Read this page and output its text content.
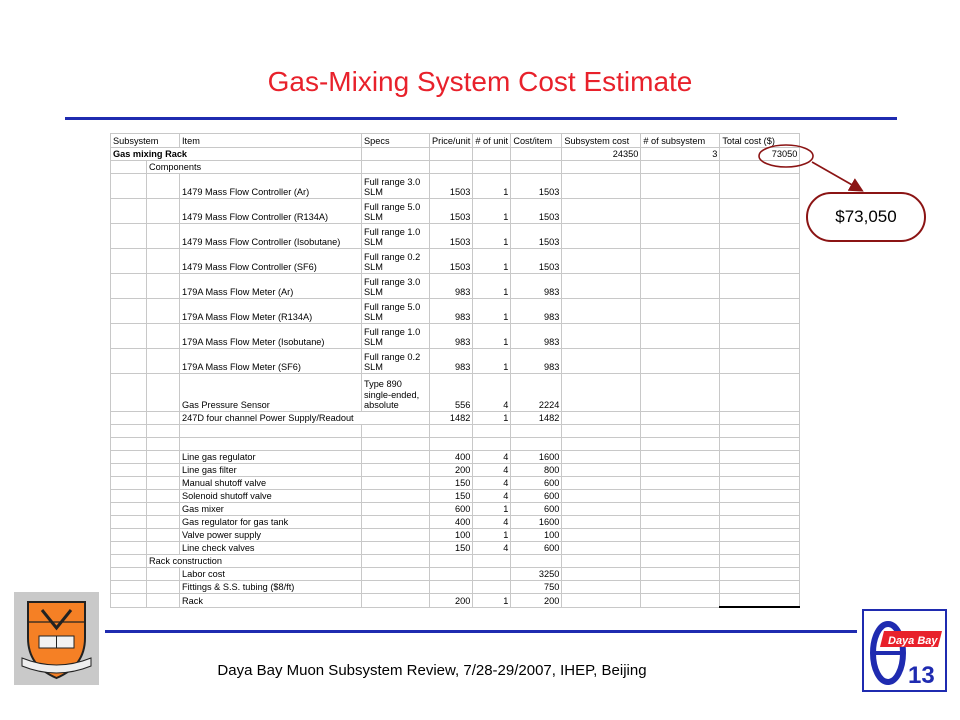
Gas-Mixing System Cost Estimate
Subsystem		Item	Specs	Price/unit	# of unit	Cost/item	Subsystem cost	# of subsystem	Total cost ($)
Gas mixing Rack							24350	3	73050
	Components								
		1479 Mass Flow Controller (Ar)	Full range 3.0 SLM	1503	1	1503			
		1479 Mass Flow Controller (R134A)	Full range 5.0 SLM	1503	1	1503			
		1479 Mass Flow Controller (Isobutane)	Full range 1.0 SLM	1503	1	1503			
		1479 Mass Flow Controller (SF6)	Full range 0.2 SLM	1503	1	1503			
		179A Mass Flow Meter (Ar)	Full range 3.0 SLM	983	1	983			
		179A Mass Flow Meter (R134A)	Full range 5.0 SLM	983	1	983			
		179A Mass Flow Meter (Isobutane)	Full range 1.0 SLM	983	1	983			
		179A Mass Flow Meter (SF6)	Full range 0.2 SLM	983	1	983			
		Gas Pressure Sensor	Type 890 single-ended, absolute	556	4	2224			
		247D four channel Power Supply/Readout		1482	1	1482			

		Line gas regulator		400	4	1600			
		Line gas filter		200	4	800			
		Manual shutoff valve		150	4	600			
		Solenoid shutoff valve		150	4	600			
		Gas mixer		600	1	600			
		Gas regulator for gas tank		400	4	1600			
		Valve power supply		100	1	100			
		Line check valves		150	4	600			
	Rack construction								
		Labor cost				3250			
		Fittings & S.S. tubing ($8/ft)				750			
		Rack		200	1	200			
$73,050
Daya Bay Muon Subsystem Review, 7/28-29/2007, IHEP, Beijing
Daya Bay
13
